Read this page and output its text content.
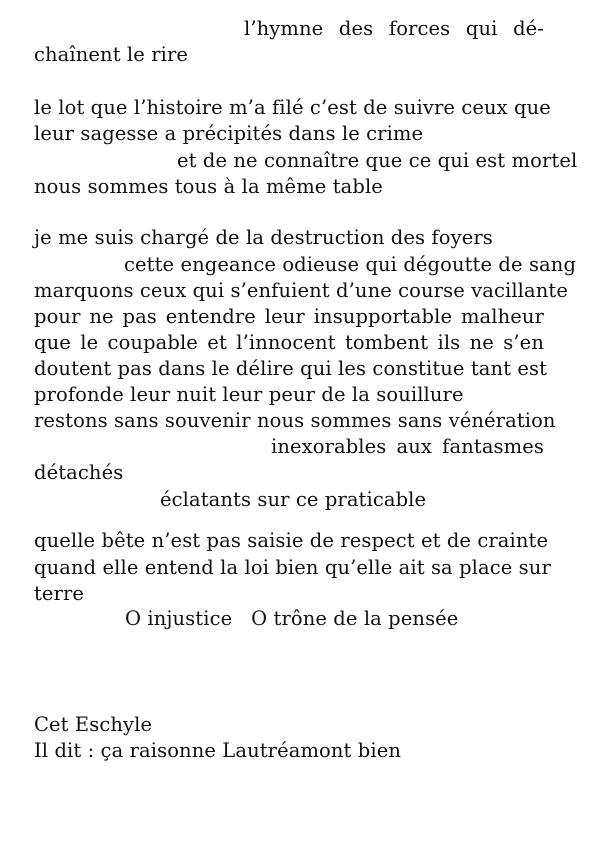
l’hymne des forces qui dé-
chaînent le rire
le lot que l’histoire m’a filé c’est de suivre ceux que
leur sagesse a précipités dans le crime
et de ne connaître que ce qui est mortel
nous sommes tous à la même table
je me suis chargé de la destruction des foyers
cette engeance odieuse qui dégoutte de sang
marquons ceux qui s’enfuient d’une course vacillante
pour ne pas entendre leur insupportable malheur
que le coupable et l’innocent tombent ils ne s’en
doutent pas dans le délire qui les constitue tant est
profonde leur nuit leur peur de la souillure
restons sans souvenir nous sommes sans vénération
inexorables aux fantasmes
détachés
éclatants sur ce praticable
quelle bête n’est pas saisie de respect et de crainte
quand elle entend la loi bien qu’elle ait sa place sur
terre
O injustice   O trône de la pensée
Cet Eschyle
Il dit : ça raisonne Lautréamont bien
